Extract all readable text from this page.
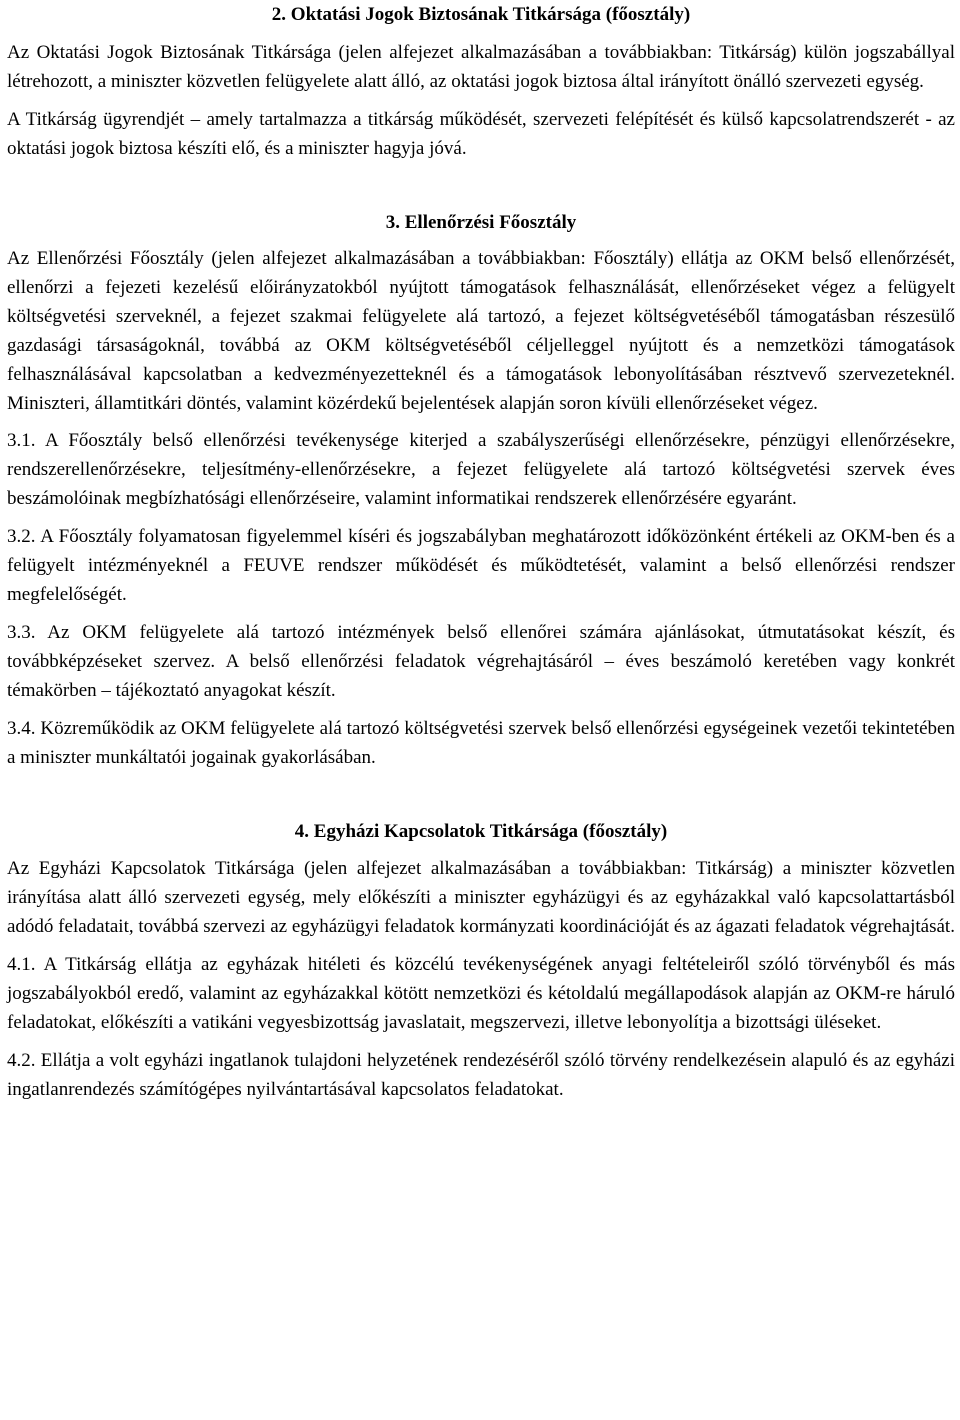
2. Oktatási Jogok Biztosának Titkársága (főosztály)

Az Oktatási Jogok Biztosának Titkársága (jelen alfejezet alkalmazásában a továbbiakban: Titkárság) külön jogszabállyal létrehozott, a miniszter közvetlen felügyelete alatt álló, az oktatási jogok biztosa által irányított önálló szervezeti egység.

A Titkárság ügyrendjét – amely tartalmazza a titkárság működését, szervezeti felépítését és külső kapcsolatrendszerét - az oktatási jogok biztosa készíti elő, és a miniszter hagyja jóvá.

3. Ellenőrzési Főosztály

Az Ellenőrzési Főosztály (jelen alfejezet alkalmazásában a továbbiakban: Főosztály) ellátja az OKM belső ellenőrzését, ellenőrzi a fejezeti kezelésű előirányzatokból nyújtott támogatások felhasználását, ellenőrzéseket végez a felügyelt költségvetési szerveknél, a fejezet szakmai felügyelete alá tartozó, a fejezet költségvetéséből támogatásban részesülő gazdasági társaságoknál, továbbá az OKM költségvetéséből céljelleggel nyújtott és a nemzetközi támogatások felhasználásával kapcsolatban a kedvezményezetteknél és a támogatások lebonyolításában résztvevő szervezeteknél. Miniszteri, államtitkári döntés, valamint közérdekű bejelentések alapján soron kívüli ellenőrzéseket végez.

3.1. A Főosztály belső ellenőrzési tevékenysége kiterjed a szabályszerűségi ellenőrzésekre, pénzügyi ellenőrzésekre, rendszerellenőrzésekre, teljesítmény-ellenőrzésekre, a fejezet felügyelete alá tartozó költségvetési szervek éves beszámolóinak megbízhatósági ellenőrzéseire, valamint informatikai rendszerek ellenőrzésére egyaránt.

3.2. A Főosztály folyamatosan figyelemmel kíséri és jogszabályban meghatározott időközönként értékeli az OKM-ben és a felügyelt intézményeknél a FEUVE rendszer működését és működtetését, valamint a belső ellenőrzési rendszer megfelelőségét.

3.3. Az OKM felügyelete alá tartozó intézmények belső ellenőrei számára ajánlásokat, útmutatásokat készít, és továbbképzéseket szervez. A belső ellenőrzési feladatok végrehajtásáról – éves beszámoló keretében vagy konkrét témakörben – tájékoztató anyagokat készít.

3.4. Közreműködik az OKM felügyelete alá tartozó költségvetési szervek belső ellenőrzési egységeinek vezetői tekintetében a miniszter munkáltatói jogainak gyakorlásában.

4. Egyházi Kapcsolatok Titkársága (főosztály)

Az Egyházi Kapcsolatok Titkársága (jelen alfejezet alkalmazásában a továbbiakban: Titkárság) a miniszter közvetlen irányítása alatt álló szervezeti egység, mely előkészíti a miniszter egyházügyi és az egyházakkal való kapcsolattartásból adódó feladatait, továbbá szervezi az egyházügyi feladatok kormányzati koordinációját és az ágazati feladatok végrehajtását.

4.1. A Titkárság ellátja az egyházak hitéleti és közcélú tevékenységének anyagi feltételeiről szóló törvényből és más jogszabályokból eredő, valamint az egyházakkal kötött nemzetközi és kétoldalú megállapodások alapján az OKM-re háruló feladatokat, előkészíti a vatikáni vegyesbizottság javaslatait, megszervezi, illetve lebonyolítja a bizottsági üléseket.

4.2. Ellátja a volt egyházi ingatlanok tulajdoni helyzetének rendezéséről szóló törvény rendelkezésein alapuló és az egyházi ingatlanrendezés számítógépes nyilvántartásával kapcsolatos feladatokat.
